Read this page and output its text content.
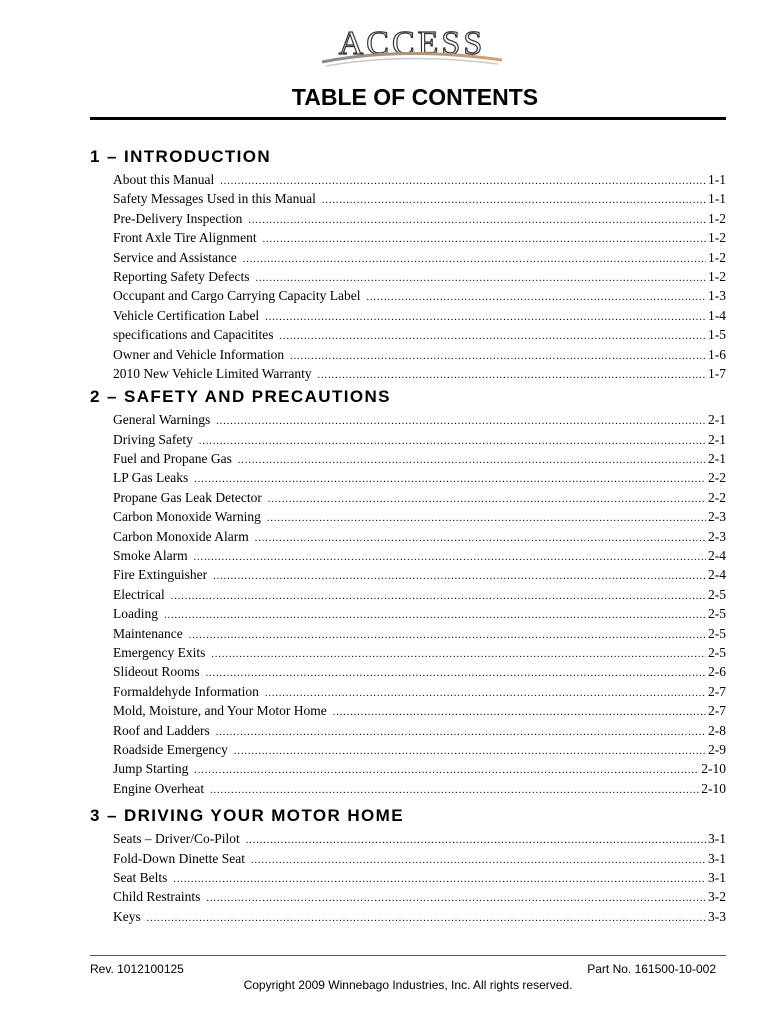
ACCESS
TABLE OF CONTENTS
1 – INTRODUCTION
About this Manual .....	1-1
Safety Messages Used in this Manual .....	1-1
Pre-Delivery Inspection .....	1-2
Front Axle Tire Alignment .....	1-2
Service and Assistance .....	1-2
Reporting Safety Defects .....	1-2
Occupant and Cargo Carrying Capacity Label .....	1-3
Vehicle Certification Label .....	1-4
specifications and Capacitites .....	1-5
Owner and Vehicle Information .....	1-6
2010 New Vehicle Limited Warranty .....	1-7
2 – SAFETY AND PRECAUTIONS
General Warnings .....	2-1
Driving Safety .....	2-1
Fuel and Propane Gas .....	2-1
LP Gas Leaks .....	2-2
Propane Gas Leak Detector .....	2-2
Carbon Monoxide Warning .....	2-3
Carbon Monoxide Alarm .....	2-3
Smoke Alarm .....	2-4
Fire Extinguisher .....	2-4
Electrical .....	2-5
Loading .....	2-5
Maintenance .....	2-5
Emergency Exits .....	2-5
Slideout Rooms .....	2-6
Formaldehyde Information .....	2-7
Mold, Moisture, and Your Motor Home .....	2-7
Roof and Ladders .....	2-8
Roadside Emergency .....	2-9
Jump Starting .....	2-10
Engine Overheat .....	2-10
3 – DRIVING YOUR MOTOR HOME
Seats – Driver/Co-Pilot .....	3-1
Fold-Down Dinette Seat .....	3-1
Seat Belts .....	3-1
Child Restraints .....	3-2
Keys .....	3-3
Rev. 1012100125	Part No. 161500-10-002
Copyright 2009 Winnebago Industries, Inc. All rights reserved.
